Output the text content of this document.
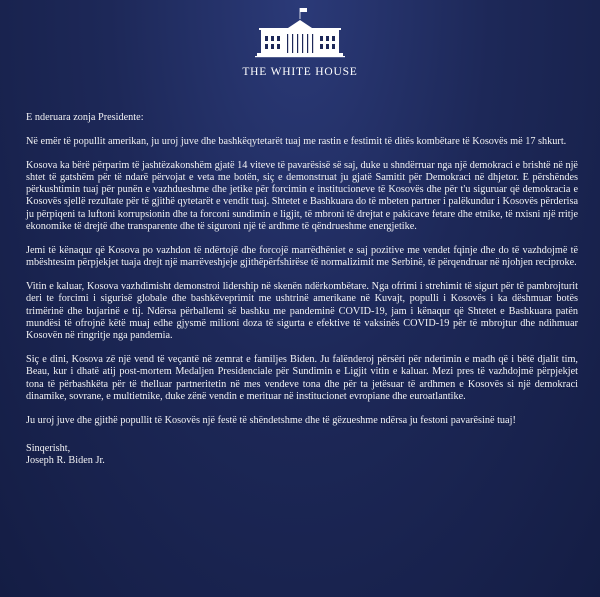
THE WHITE HOUSE

E nderuara zonja Presidente:

Në emër të popullit amerikan, ju uroj juve dhe bashkëqytetarët tuaj me rastin e festimit të ditës kombëtare të Kosovës më 17 shkurt.

Kosova ka bërë përparim të jashtëzakonshëm gjatë 14 viteve të pavarësisë së saj, duke u shndërruar nga një demokraci e brishtë në një shtet të gatshëm për të ndarë përvojat e veta me botën, siç e demonstruat ju gjatë Samitit për Demokraci në dhjetor. E përshëndes përkushtimin tuaj për punën e vazhdueshme dhe jetike për forcimin e institucioneve të Kosovës dhe për t'u siguruar që demokracia e Kosovës sjellë rezultate për të gjithë qytetarët e vendit tuaj. Shtetet e Bashkuara do të mbeten partner i palëkundur i Kosovës përderisa ju përpiqeni ta luftoni korrupsionin dhe ta forconi sundimin e ligjit, të mbroni të drejtat e pakicave fetare dhe etnike, të nxisni një rritje ekonomike të drejtë dhe transparente dhe të siguroni një të ardhme të qëndrueshme energjetike.

Jemi të kënaqur që Kosova po vazhdon të ndërtojë dhe forcojë marrëdhëniet e saj pozitive me vendet fqinje dhe do të vazhdojmë të mbështesim përpjekjet tuaja drejt një marrëveshjeje gjithëpërfshirëse të normalizimit me Serbinë, të përqendruar në njohjen reciproke.

Vitin e kaluar, Kosova vazhdimisht demonstroi lidership në skenën ndërkombëtare. Nga ofrimi i strehimit të sigurt për të pambrojturit deri te forcimi i sigurisë globale dhe bashkëveprimit me ushtrinë amerikane në Kuvajt, populli i Kosovës i ka dëshmuar botës trimërinë dhe bujarinë e tij. Ndërsa përballemi së bashku me pandeminë COVID-19, jam i kënaqur që Shtetet e Bashkuara patën mundësi të ofrojnë këtë muaj edhe gjysmë milioni doza të sigurta e efektive të vaksinës COVID-19 për të mbrojtur dhe ndihmuar Kosovën në ringritje nga pandemia.

Siç e dini, Kosova zë një vend të veçantë në zemrat e familjes Biden. Ju falënderoj përsëri për nderimin e madh që i bëtë djalit tim, Beau, kur i dhatë atij post-mortem Medaljen Presidenciale për Sundimin e Ligjit vitin e kaluar. Mezi pres të vazhdojmë përpjekjet tona të përbashkëta për të thelluar partneritetin në mes vendeve tona dhe për ta jetësuar të ardhmen e Kosovës si një demokraci dinamike, sovrane, e multietnike, duke zënë vendin e merituar në institucionet evropiane dhe euroatlantike.

Ju uroj juve dhe gjithë popullit të Kosovës një festë të shëndetshme dhe të gëzueshme ndërsa ju festoni pavarësinë tuaj!

Sinqerisht,
Joseph R. Biden Jr.
